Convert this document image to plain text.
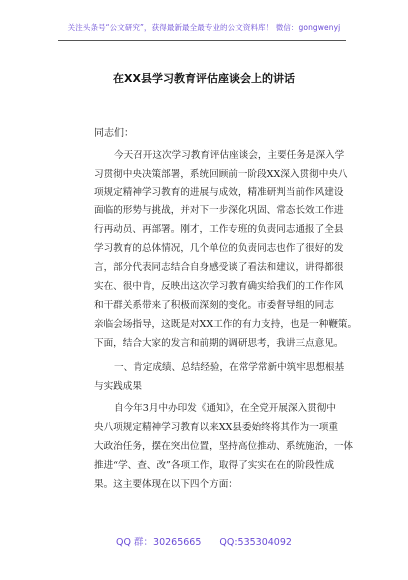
关注头条号“公文研究”，获得最新最全最专业的公文资料库！ 微信：gongwenyj
在XX县学习教育评估座谈会上的讲话
同志们：
今天召开这次学习教育评估座谈会，主要任务是深入学
习贯彻中央决策部署，系统回顾前一阶段XX深入贯彻中央八
项规定精神学习教育的进展与成效，精准研判当前作风建设
面临的形势与挑战，并对下一步深化巩固、常态长效工作进
行再动员、再部署。刚才，工作专班的负责同志通报了全县
学习教育的总体情况，几个单位的负责同志也作了很好的发
言，部分代表同志结合自身感受谈了看法和建议，讲得都很
实在、很中肯，反映出这次学习教育确实给我们的工作作风
和干群关系带来了积极而深刻的变化。市委督导组的同志
亲临会场指导，这既是对XX工作的有力支持，也是一种鞭策。
下面，结合大家的发言和前期的调研思考，我讲三点意见。
一、肯定成绩、总结经验，在常学常新中筑牢思想根基
与实践成果
自今年3月中办印发《通知》，在全党开展深入贯彻中
央八项规定精神学习教育以来XX县委始终将其作为一项重
大政治任务，摆在突出位置，坚持高位推动、系统施治，一体
推进“学、查、改”各项工作，取得了实实在在的阶段性成
果。这主要体现在以下四个方面：
QQ 群：30265665 QQ:535304092
